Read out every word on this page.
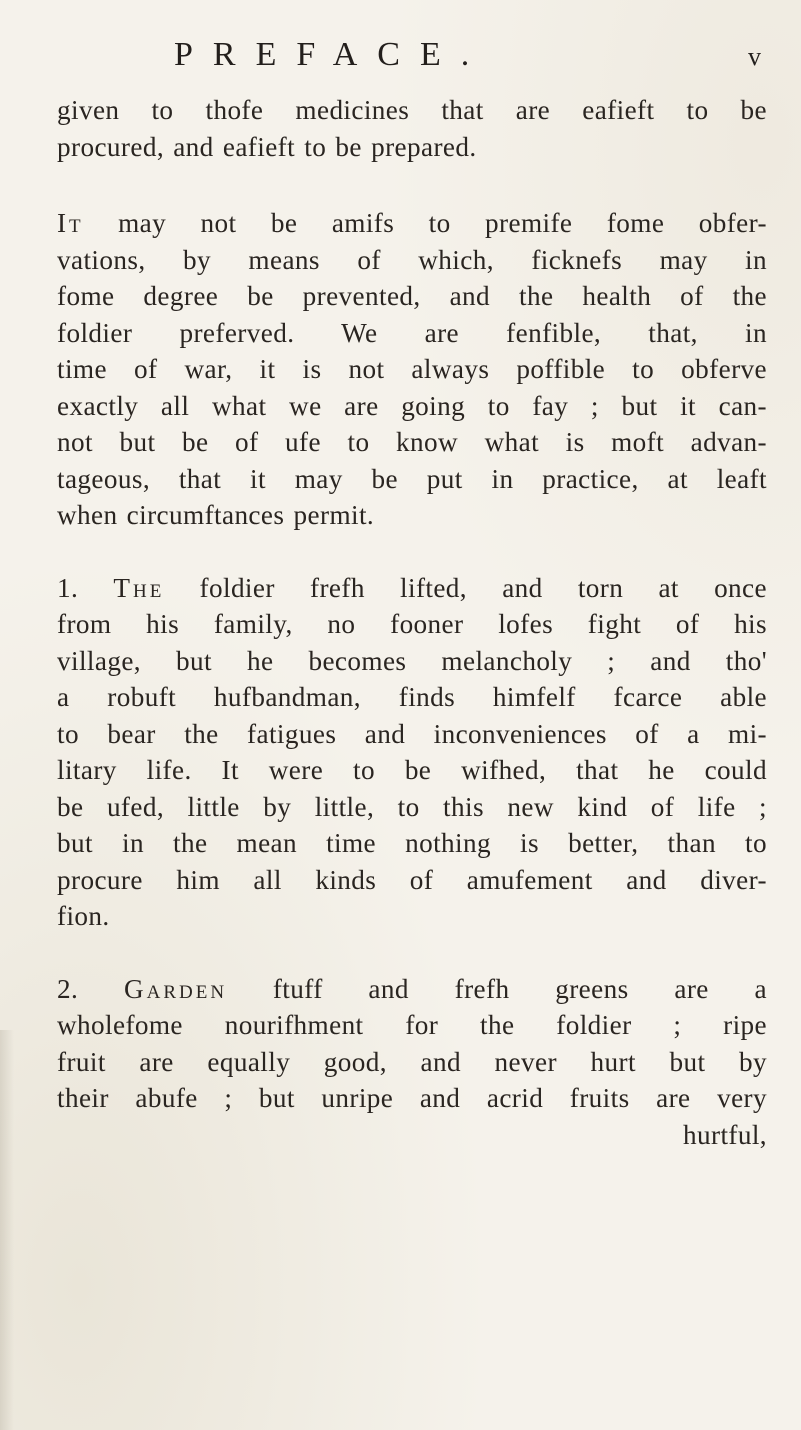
PREFACE.	v
given to thofe medicines that are eafieft to be
procured, and eafieft to be prepared.
It may not be amifs to premife fome obfer-
vations, by means of which, ficknefs may in
fome degree be prevented, and the health of the
foldier preferved. We are fenfible, that, in
time of war, it is not always poffible to obferve
exactly all what we are going to fay ; but it can-
not but be of ufe to know what is moft advan-
tageous, that it may be put in practice, at leaft
when circumftances permit.
1. The foldier frefh lifted, and torn at once
from his family, no fooner lofes fight of his
village, but he becomes melancholy ; and tho'
a robuft hufbandman, finds himfelf fcarce able
to bear the fatigues and inconveniences of a mi-
litary life. It were to be wifhed, that he could
be ufed, little by little, to this new kind of life ;
but in the mean time nothing is better, than to
procure him all kinds of amufement and diver-
fion.
2. Garden ftuff and frefh greens are a
wholefome nourifhment for the foldier ; ripe
fruit are equally good, and never hurt but by
their abufe ; but unripe and acrid fruits are very
hurtful,
